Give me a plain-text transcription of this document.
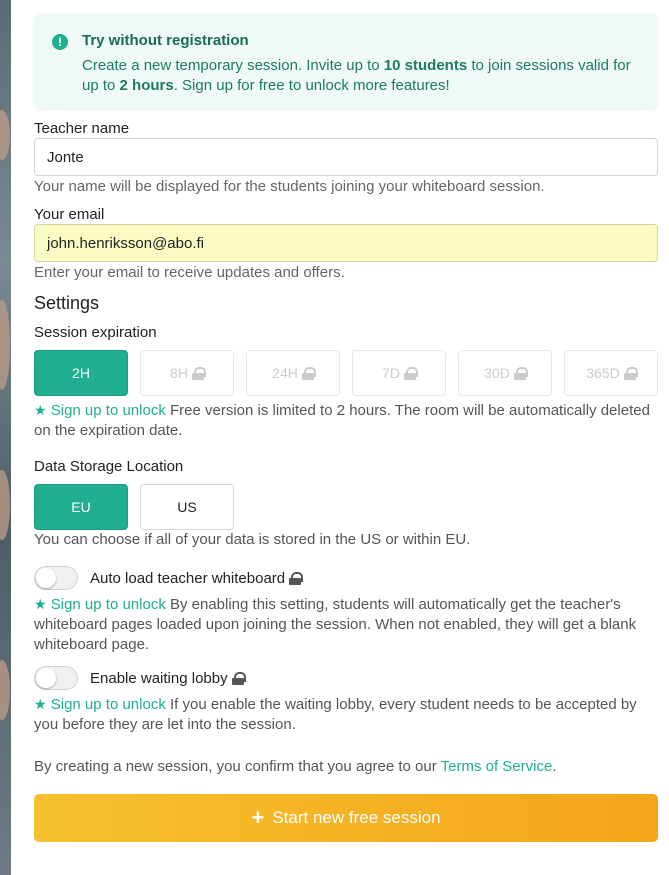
!	Try without registration
Create a new temporary session. Invite up to 10 students to join sessions valid for up to 2 hours. Sign up for free to unlock more features!
Teacher name
Jonte
Your name will be displayed for the students joining your whiteboard session.
Your email
john.henriksson@abo.fi
Enter your email to receive updates and offers.
Settings
Session expiration
2H	8H	24H	7D	30D	365D
★ Sign up to unlock Free version is limited to 2 hours. The room will be automatically deleted on the expiration date.
Data Storage Location
EU	US
You can choose if all of your data is stored in the US or within EU.
Auto load teacher whiteboard
★ Sign up to unlock By enabling this setting, students will automatically get the teacher's whiteboard pages loaded upon joining the session. When not enabled, they will get a blank whiteboard page.
Enable waiting lobby
★ Sign up to unlock If you enable the waiting lobby, every student needs to be accepted by you before they are let into the session.
By creating a new session, you confirm that you agree to our Terms of Service.
+ Start new free session
